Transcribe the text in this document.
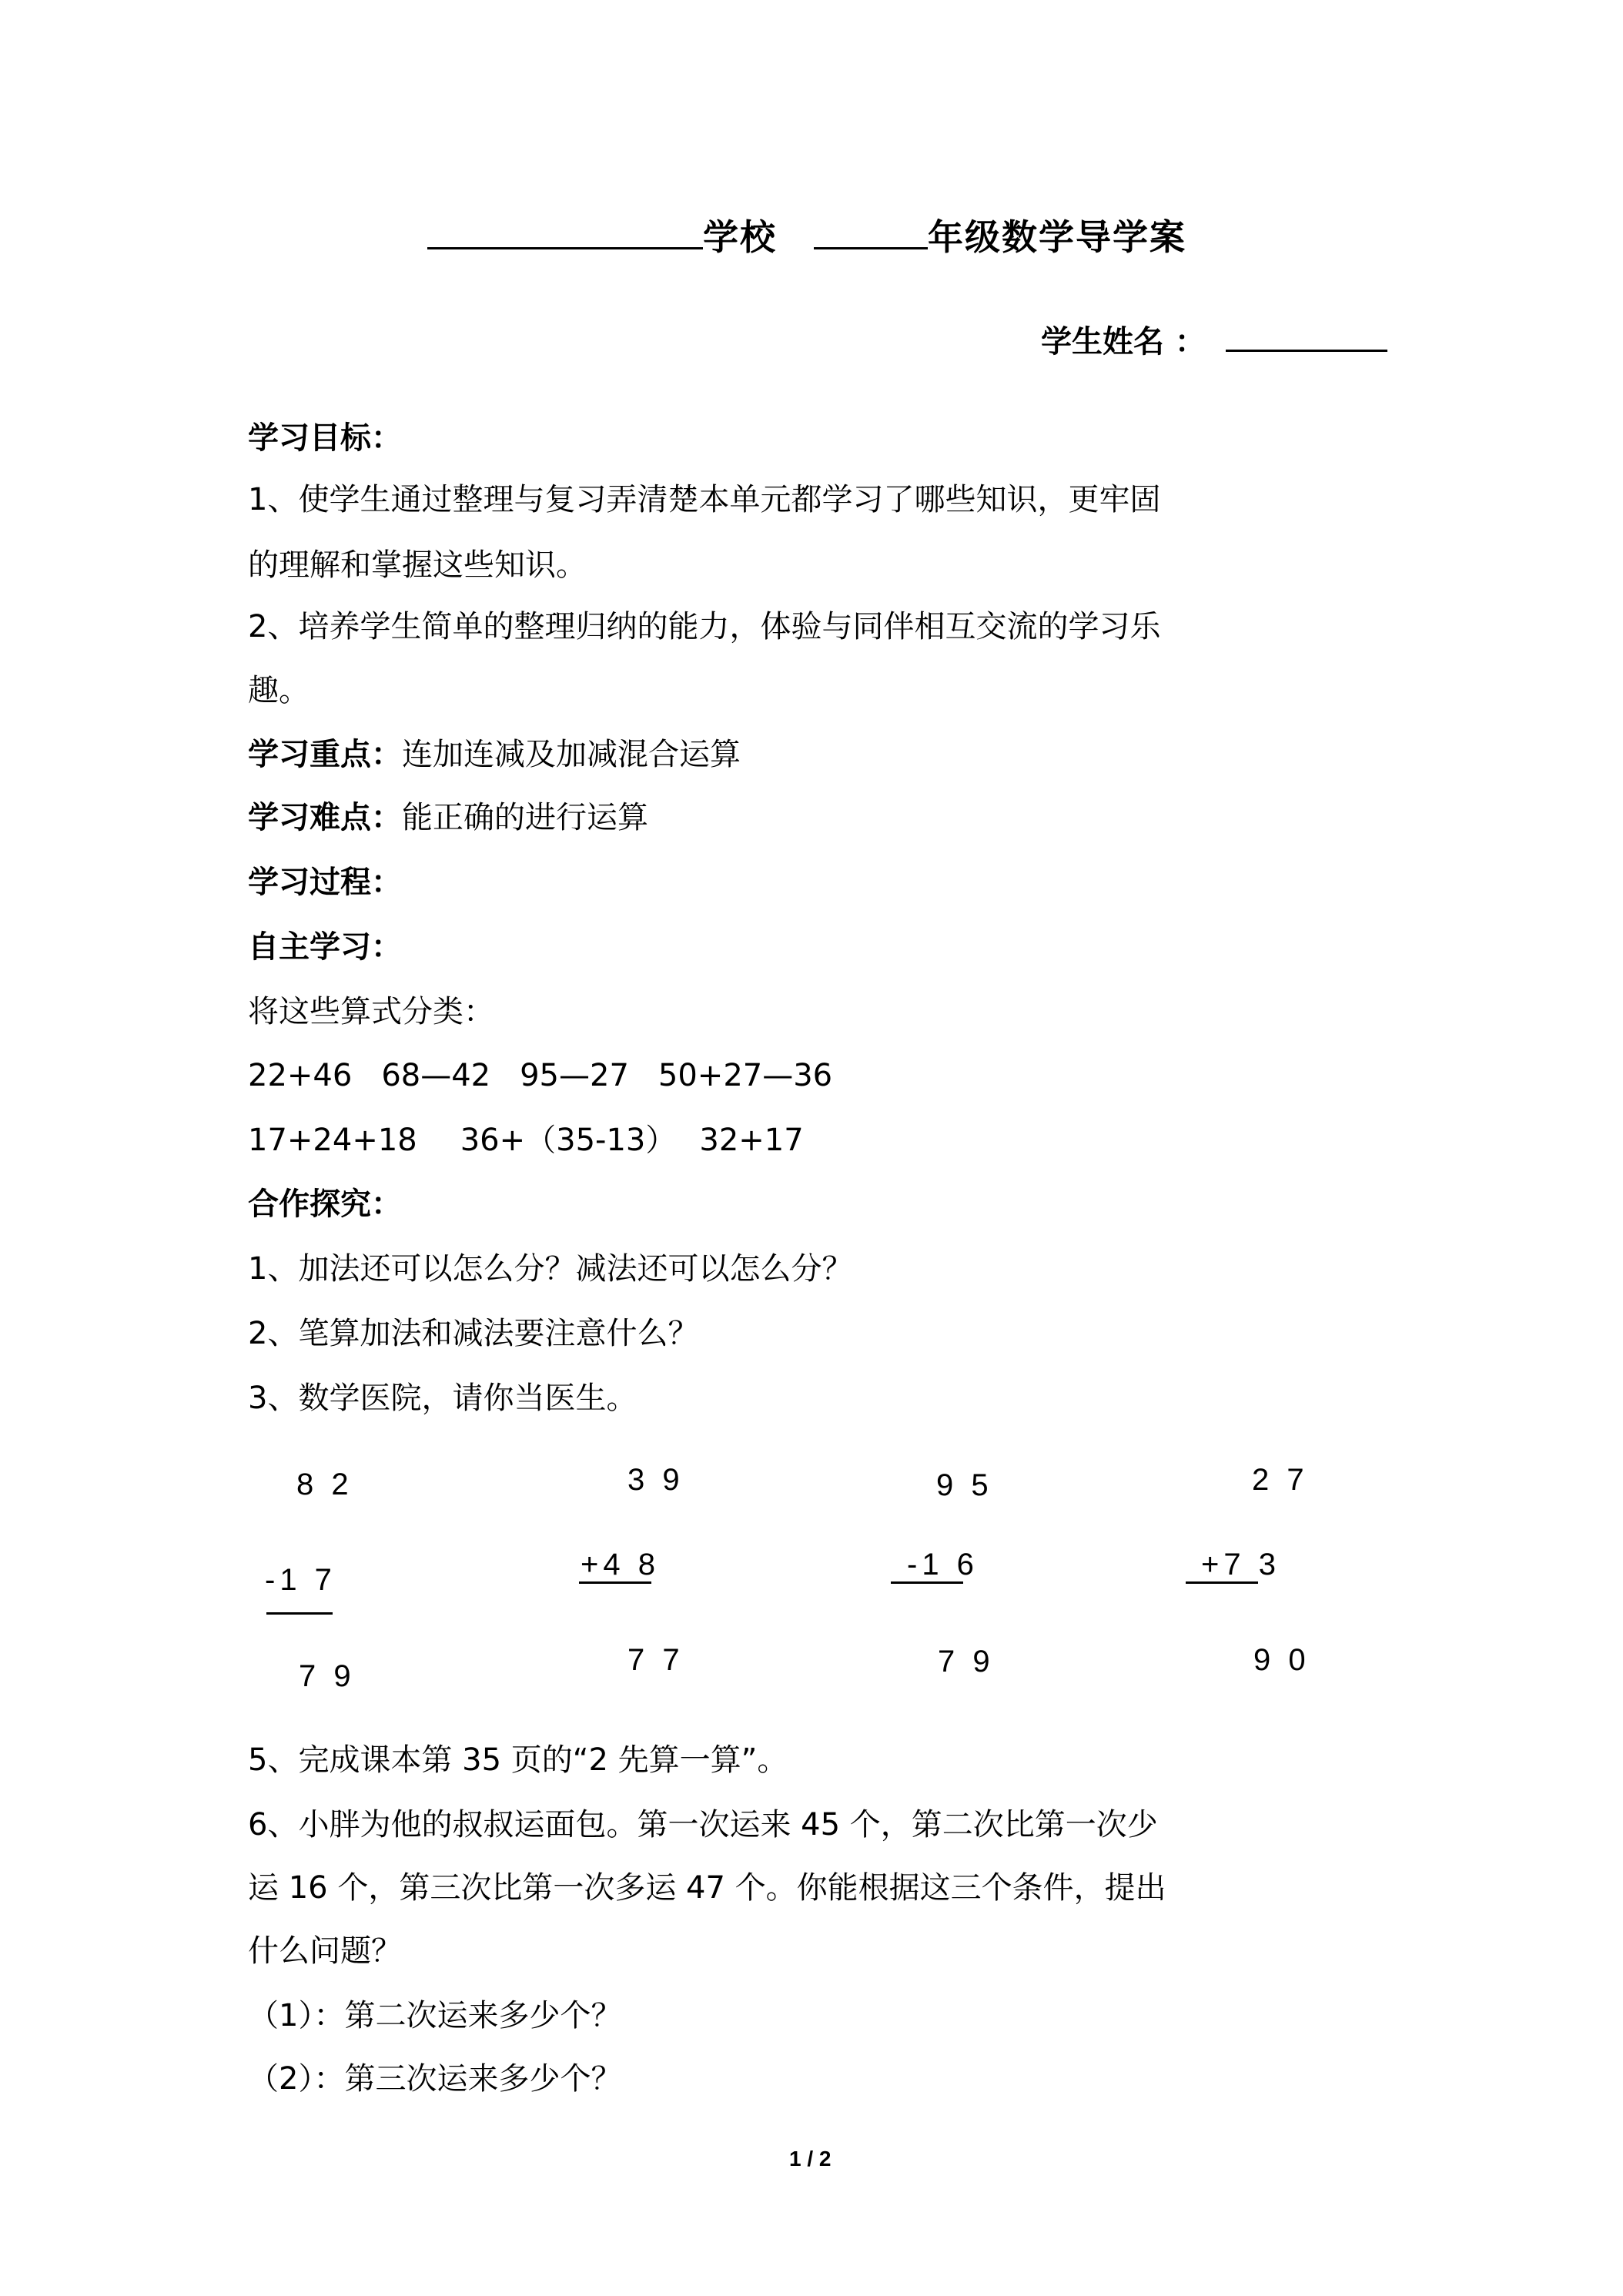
学校	年级数学导学案
学生姓名 ：
学习目标：
1、使学生通过整理与复习弄清楚本单元都学习了哪些知识，更牢固
的理解和掌握这些知识。
2、培养学生简单的整理归纳的能力，体验与同伴相互交流的学习乐
趣。
学习重点：连加连减及加减混合运算
学习难点：能正确的进行运算
学习过程：
自主学习：
将这些算式分类：
22+46 68—42 95—27 50+27—36
17+24+18 36+（35-13） 32+17
合作探究：
1、加法还可以怎么分？减法还可以怎么分？
2、笔算加法和减法要注意什么？
3、数学医院，请你当医生。
8 2
-1 7
7 9
3 9
+4 8
7 7
9 5
-1 6
7 9
2 7
+7 3
9 0
5、完成课本第 35 页的“2 先算一算”。
6、小胖为他的叔叔运面包。第一次运来 45 个，第二次比第一次少
运 16 个，第三次比第一次多运 47 个。你能根据这三个条件，提出
什么问题？
（1）：第二次运来多少个？
（2）：第三次运来多少个？
1 / 2
